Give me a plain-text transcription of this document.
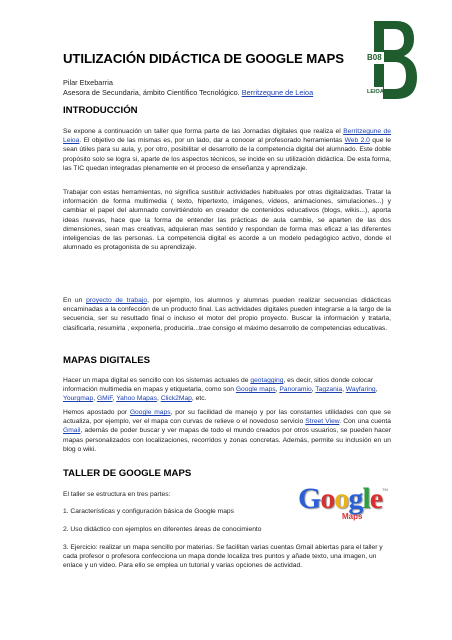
B08
LEIOA
UTILIZACIÓN DIDÁCTICA DE GOOGLE MAPS
Pilar Etxebarria
Asesora de Secundaria, ámbito Científico Tecnológico. Berritzegune de Leioa
INTRODUCCIÓN
Se expone a continuación un taller que forma parte de las Jornadas digitales que realiza el Berritzegune de Leioa. El objetivo de las mismas es, por un lado, dar a conocer al profesorado herramientas Web 2.0 que le sean útiles para su aula, y, por otro, posibilitar el desarrollo de la competencia digital del alumnado. Este doble propósito solo se logra si, aparte de los aspectos técnicos, se incide en su utilización didáctica. De esta forma, las TIC quedan integradas plenamente en el proceso de enseñanza y aprendizaje.
Trabajar con estas herramientas, no significa sustituir actividades habituales por otras digitalizadas. Tratar la información de forma multimedia ( texto, hipertexto, imágenes, vídeos, animaciones, simulaciones...) y cambiar el papel del alumnado convirtiéndolo en creador de contenidos educativos (blogs, wikis...), aporta ideas nuevas, hace que la forma de entender las prácticas de aula cambie, se aparten de las dos dimensiones, sean mas creativas, adquieran mas sentido y respondan de forma mas eficaz a las diferentes inteligencias de las personas. La competencia digital es acorde a un modelo pedagógico activo, donde el alumnado es protagonista de su aprendizaje.
En un proyecto de trabajo, por ejemplo, los alumnos y alumnas pueden realizar secuencias didácticas encaminadas a la confección de un producto final. Las actividades digitales pueden integrarse a la largo de la secuencia, ser su resultado final o incluso el motor del propio proyecto. Buscar la información y tratarla, clasificarla, resumirla , exponerla, producirla...trae consigo el máximo desarrollo de competencias educativas.
MAPAS DIGITALES
Hacer un mapa digital es sencillo con los sistemas actuales de geotagging, es decir, sitios donde colocar información multimedia en mapas y etiquetarla, como son Google maps, Panoramio, Tagzania, Wayfaring, Yourgmap, GMiF, Yahoo Mapas, Click2Map, etc.
Hemos apostado por Google maps, por su facilidad de manejo y por las constantes utilidades con que se actualiza, por ejemplo, ver el mapa con curvas de relieve o el novedoso servicio Street View. Con una cuenta Gmail, además de poder buscar y ver mapas de todo el mundo creados por otros usuarios, se pueden hacer mapas personalizados con localizaciones, recorridos y zonas concretas. Además, permite su inclusión en un blog o wiki.
TALLER DE GOOGLE MAPS
El taller se estructura en tres partes:
1. Características y configuración básica de Google maps
2. Uso didáctico con ejemplos en diferentes áreas de conocimiento
3. Ejercicio: realizar un mapa sencillo por materias. Se facilitan varias cuentas Gmail abiertas para el taller y cada profesor o profesora confecciona un mapa donde localiza tres puntos y añade texto, una imagen, un enlace y un video. Para ello se emplea un tutorial y varias opciones de actividad.
Google TM
Maps
